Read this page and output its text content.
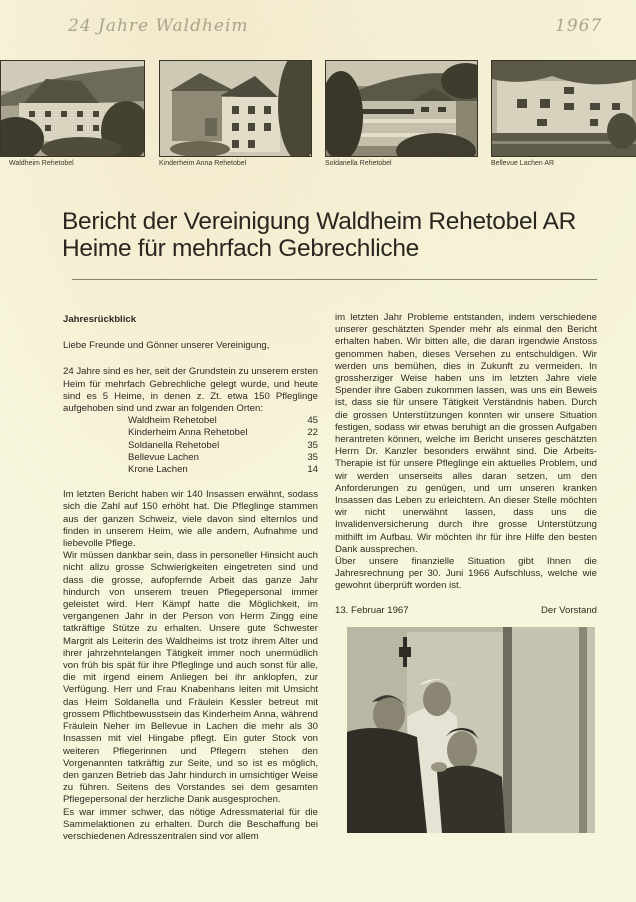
24 Jahre Waldheim	1967
Waldheim Rehetobel	Kinderheim Anna Rehetobel	Soldanella Rehetobel	Bellevue Lachen AR
Bericht der Vereinigung Waldheim Rehetobel AR
Heime für mehrfach Gebrechliche

Jahresrückblick

Liebe Freunde und Gönner unserer Vereinigung,

24 Jahre sind es her, seit der Grundstein zu unserem ersten Heim für mehrfach Gebrechliche gelegt wurde, und heute sind es 5 Heime, in denen z. Zt. etwa 150 Pfleglinge aufgehoben sind und zwar an folgenden Orten:

Waldheim Rehetobel	45
Kinderheim Anna Rehetobel	22
Soldanella Rehetobel	35
Bellevue Lachen	35
Krone Lachen	14

Im letzten Bericht haben wir 140 Insassen erwähnt, sodass sich die Zahl auf 150 erhöht hat. Die Pfleglinge stammen aus der ganzen Schweiz, viele davon sind elternlos und finden in unserem Heim, wie alle andern, Aufnahme und liebevolle Pflege.

Wir müssen dankbar sein, dass in personeller Hinsicht auch nicht allzu grosse Schwierigkeiten eingetreten sind und dass die grosse, aufopfernde Arbeit das ganze Jahr hindurch von unserem treuen Pflegepersonal immer geleistet wird. Herr Kämpf hatte die Möglichkeit, im vergangenen Jahr in der Person von Herrn Zingg eine tatkräftige Stütze zu erhalten. Unsere gute Schwester Margrit als Leiterin des Waldheims ist trotz ihrem Alter und ihrer jahrzehntelangen Tätigkeit immer noch unermüdlich von früh bis spät für ihre Pfleglinge und auch sonst für alle, die mit irgend einem Anliegen bei ihr anklopfen, zur Verfügung. Herr und Frau Knabenhans leiten mit Umsicht das Heim Soldanella und Fräulein Kessler betreut mit grossem Pflichtbewusstsein das Kinderheim Anna, während Fräulein Neher im Bellevue in Lachen die mehr als 30 Insassen mit viel Hingabe pflegt. Ein guter Stock von weiteren Pflegerinnen und Pflegern stehen den Vorgenannten tatkräftig zur Seite, und so ist es möglich, den ganzen Betrieb das Jahr hindurch in umsichtiger Weise zu führen. Seitens des Vorstandes sei dem gesamten Pflegepersonal der herzliche Dank ausgesprochen.

Es war immer schwer, das nötige Adressmaterial für die Sammelaktionen zu erhalten. Durch die Beschaffung bei verschiedenen Adresszentralen sind vor allem

im letzten Jahr Probleme entstanden, indem verschiedene unserer geschätzten Spender mehr als einmal den Bericht erhalten haben. Wir bitten alle, die daran irgendwie Anstoss genommen haben, dieses Versehen zu entschuldigen. Wir werden uns bemühen, dies in Zukunft zu vermeiden. In grossherziger Weise haben uns im letzten Jahre viele Spender ihre Gaben zukommen lassen, was uns ein Beweis ist, dass sie für unsere Tätigkeit Verständnis haben. Durch die grossen Unterstützungen konnten wir unsere Situation festigen, sodass wir etwas beruhigt an die grossen Aufgaben herantreten können, welche im Bericht unseres geschätzten Herrn Dr. Kanzler besonders erwähnt sind. Die Arbeits-Therapie ist für unsere Pfleglinge ein aktuelles Problem, und wir werden unserseits alles daran setzen, um den Anforderungen zu genügen, und um unseren kranken Insassen das Leben zu erleichtern. An dieser Stelle möchten wir nicht unerwähnt lassen, dass uns die Invalidenversicherung durch ihre grosse Unterstützung mithilft im Aufbau. Wir möchten ihr für ihre Hilfe den besten Dank aussprechen.

Über unsere finanzielle Situation gibt Ihnen die Jahresrechnung per 30. Juni 1966 Aufschluss, welche wie gewohnt überprüft worden ist.

13. Februar 1967	Der Vorstand
